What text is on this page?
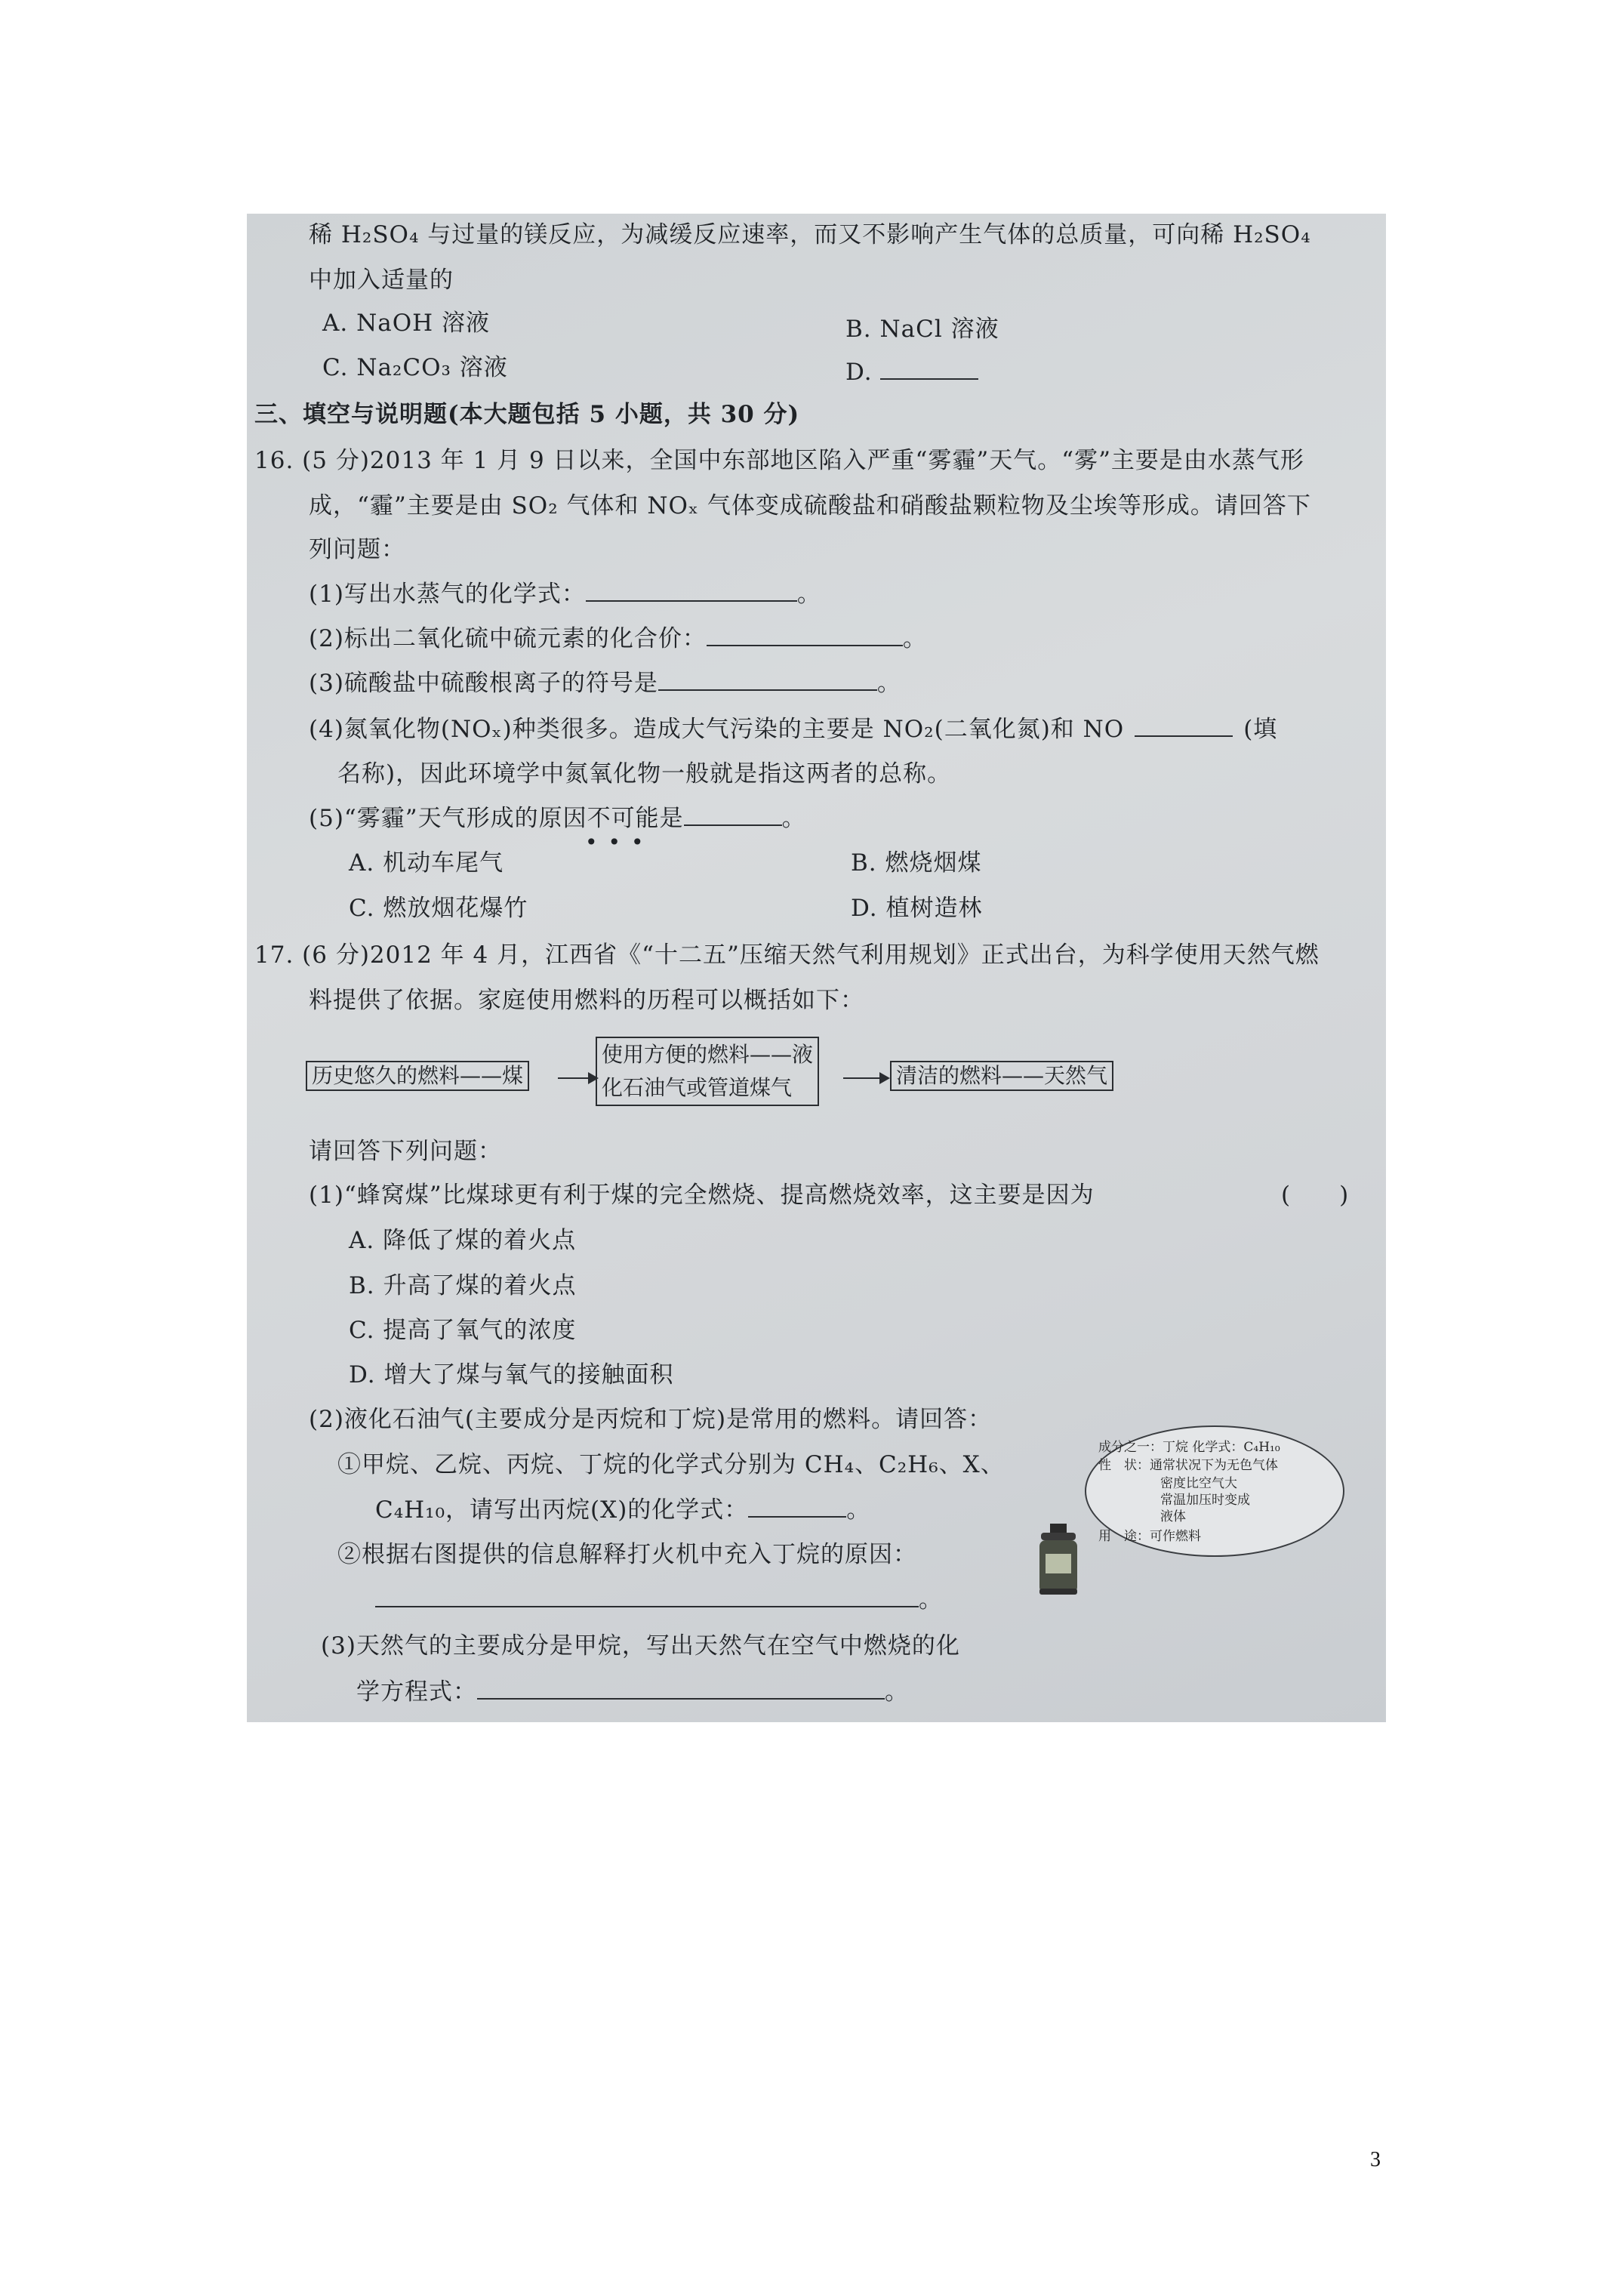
稀 H₂SO₄ 与过量的镁反应，为减缓反应速率，而又不影响产生气体的总质量，可向稀 H₂SO₄
中加入适量的
A. NaOH 溶液	B. NaCl 溶液
C. Na₂CO₃ 溶液	D.
三、填空与说明题(本大题包括 5 小题，共 30 分)
16. (5 分)2013 年 1 月 9 日以来，全国中东部地区陷入严重“雾霾”天气。“雾”主要是由水蒸气形
成，“霾”主要是由 SO₂ 气体和 NOₓ 气体变成硫酸盐和硝酸盐颗粒物及尘埃等形成。请回答下
列问题：
(1)写出水蒸气的化学式：	。
(2)标出二氧化硫中硫元素的化合价：	。
(3)硫酸盐中硫酸根离子的符号是	。
(4)氮氧化物(NOₓ)种类很多。造成大气污染的主要是 NO₂(二氧化氮)和 NO	(填
名称)，因此环境学中氮氧化物一般就是指这两者的总称。
(5)“雾霾”天气形成的原因不可能是	。
•••
A. 机动车尾气	B. 燃烧烟煤
C. 燃放烟花爆竹	D. 植树造林
17. (6 分)2012 年 4 月，江西省《“十二五”压缩天然气利用规划》正式出台，为科学使用天然气燃
料提供了依据。家庭使用燃料的历程可以概括如下：
历史悠久的燃料——煤
使用方便的燃料——液
化石油气或管道煤气	清洁的燃料——天然气
请回答下列问题：
(1)“蜂窝煤”比煤球更有利于煤的完全燃烧、提高燃烧效率，这主要是因为	(　　)
A. 降低了煤的着火点
B. 升高了煤的着火点
C. 提高了氧气的浓度
D. 增大了煤与氧气的接触面积
(2)液化石油气(主要成分是丙烷和丁烷)是常用的燃料。请回答：
①甲烷、乙烷、丙烷、丁烷的化学式分别为 CH₄、C₂H₆、X、
C₄H₁₀，请写出丙烷(X)的化学式：	。
②根据右图提供的信息解释打火机中充入丁烷的原因：
。
(3)天然气的主要成分是甲烷，写出天然气在空气中燃烧的化
学方程式：	。
成分之一：丁烷 化学式：C₄H₁₀
性　状：通常状况下为无色气体
密度比空气大
常温加压时变成
液体
用　途：可作燃料
3
